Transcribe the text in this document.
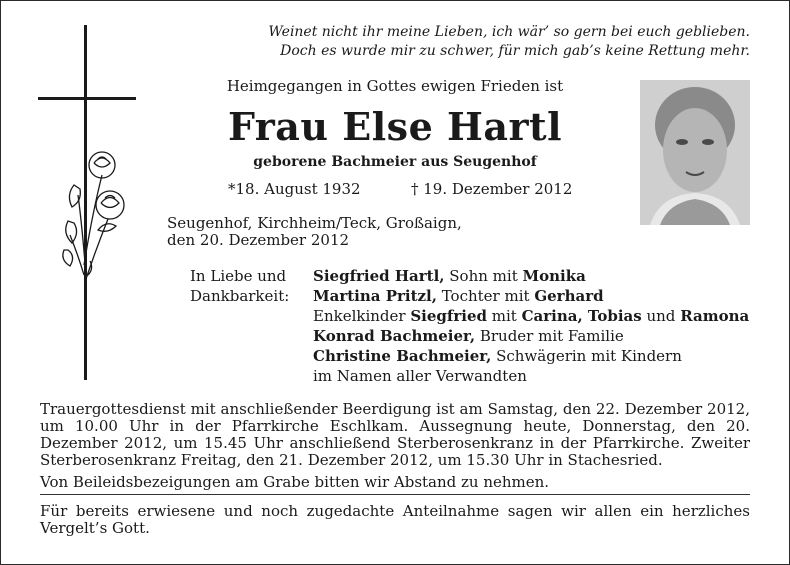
Weinet nicht ihr meine Lieben, ich wär’ so gern bei euch geblieben.
Doch es wurde mir zu schwer, für mich gab’s keine Rettung mehr.
Heimgegangen in Gottes ewigen Frieden ist
Frau Else Hartl
geborene Bachmeier aus Seugenhof
*18. August 1932	† 19. Dezember 2012
Seugenhof, Kirchheim/Teck, Großaign,
den 20. Dezember 2012
In Liebe und
Dankbarkeit:
Siegfried Hartl, Sohn mit Monika
Martina Pritzl, Tochter mit Gerhard
Enkelkinder Siegfried mit Carina, Tobias und Ramona
Konrad Bachmeier, Bruder mit Familie
Christine Bachmeier, Schwägerin mit Kindern
im Namen aller Verwandten
Trauergottesdienst mit anschließender Beerdigung ist am Samstag, den 22. Dezember 2012, um 10.00 Uhr in der Pfarrkirche Eschlkam. Aussegnung heute, Donnerstag, den 20. Dezember 2012, um 15.45 Uhr anschließend Sterberosenkranz in der Pfarrkirche. Zweiter Sterberosenkranz Freitag, den 21. Dezember 2012, um 15.30 Uhr in Stachesried.
Von Beileidsbezeigungen am Grabe bitten wir Abstand zu nehmen.
Für bereits erwiesene und noch zugedachte Anteilnahme sagen wir allen ein herzliches Vergelt’s Gott.
